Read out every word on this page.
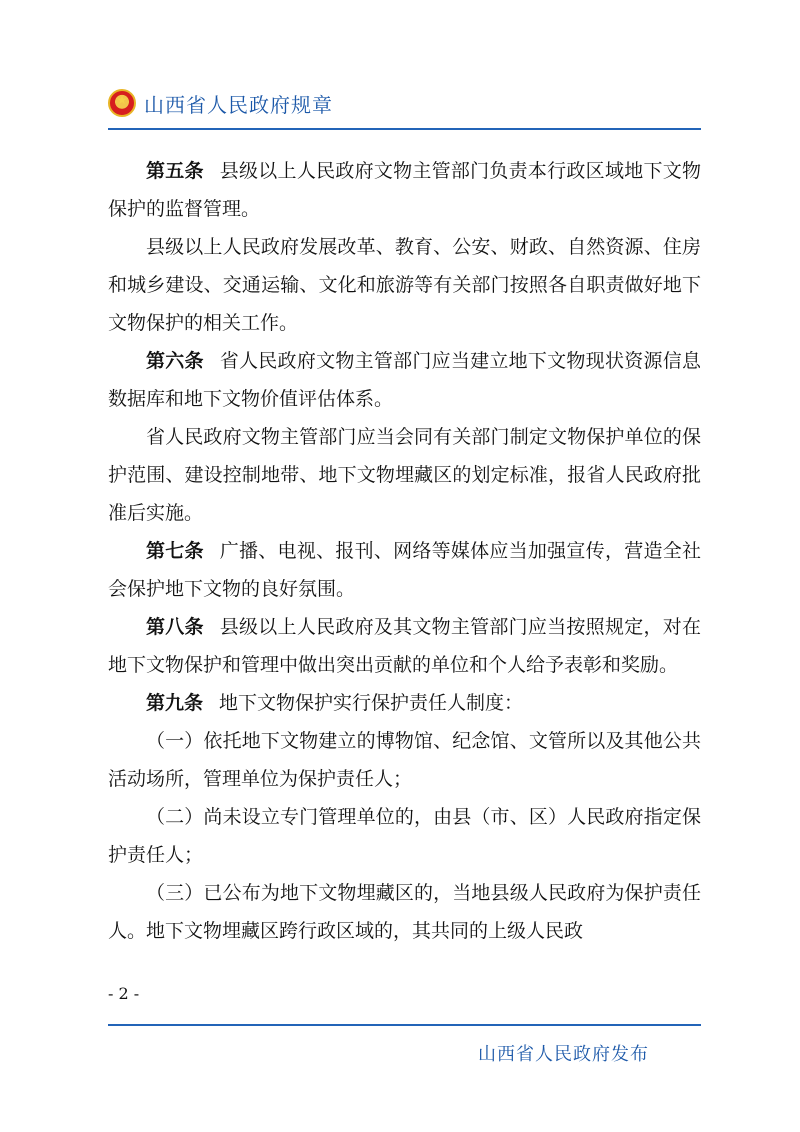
★
山西省人民政府规章

第五条 县级以上人民政府文物主管部门负责本行政区域地下文物保护的监督管理。

县级以上人民政府发展改革、教育、公安、财政、自然资源、住房和城乡建设、交通运输、文化和旅游等有关部门按照各自职责做好地下文物保护的相关工作。

第六条 省人民政府文物主管部门应当建立地下文物现状资源信息数据库和地下文物价值评估体系。

省人民政府文物主管部门应当会同有关部门制定文物保护单位的保护范围、建设控制地带、地下文物埋藏区的划定标准，报省人民政府批准后实施。

第七条 广播、电视、报刊、网络等媒体应当加强宣传，营造全社会保护地下文物的良好氛围。

第八条 县级以上人民政府及其文物主管部门应当按照规定，对在地下文物保护和管理中做出突出贡献的单位和个人给予表彰和奖励。

第九条 地下文物保护实行保护责任人制度：

（一）依托地下文物建立的博物馆、纪念馆、文管所以及其他公共活动场所，管理单位为保护责任人；

（二）尚未设立专门管理单位的，由县（市、区）人民政府指定保护责任人；

（三）已公布为地下文物埋藏区的，当地县级人民政府为保护责任人。地下文物埋藏区跨行政区域的，其共同的上级人民政

- 2 -
山西省人民政府发布
